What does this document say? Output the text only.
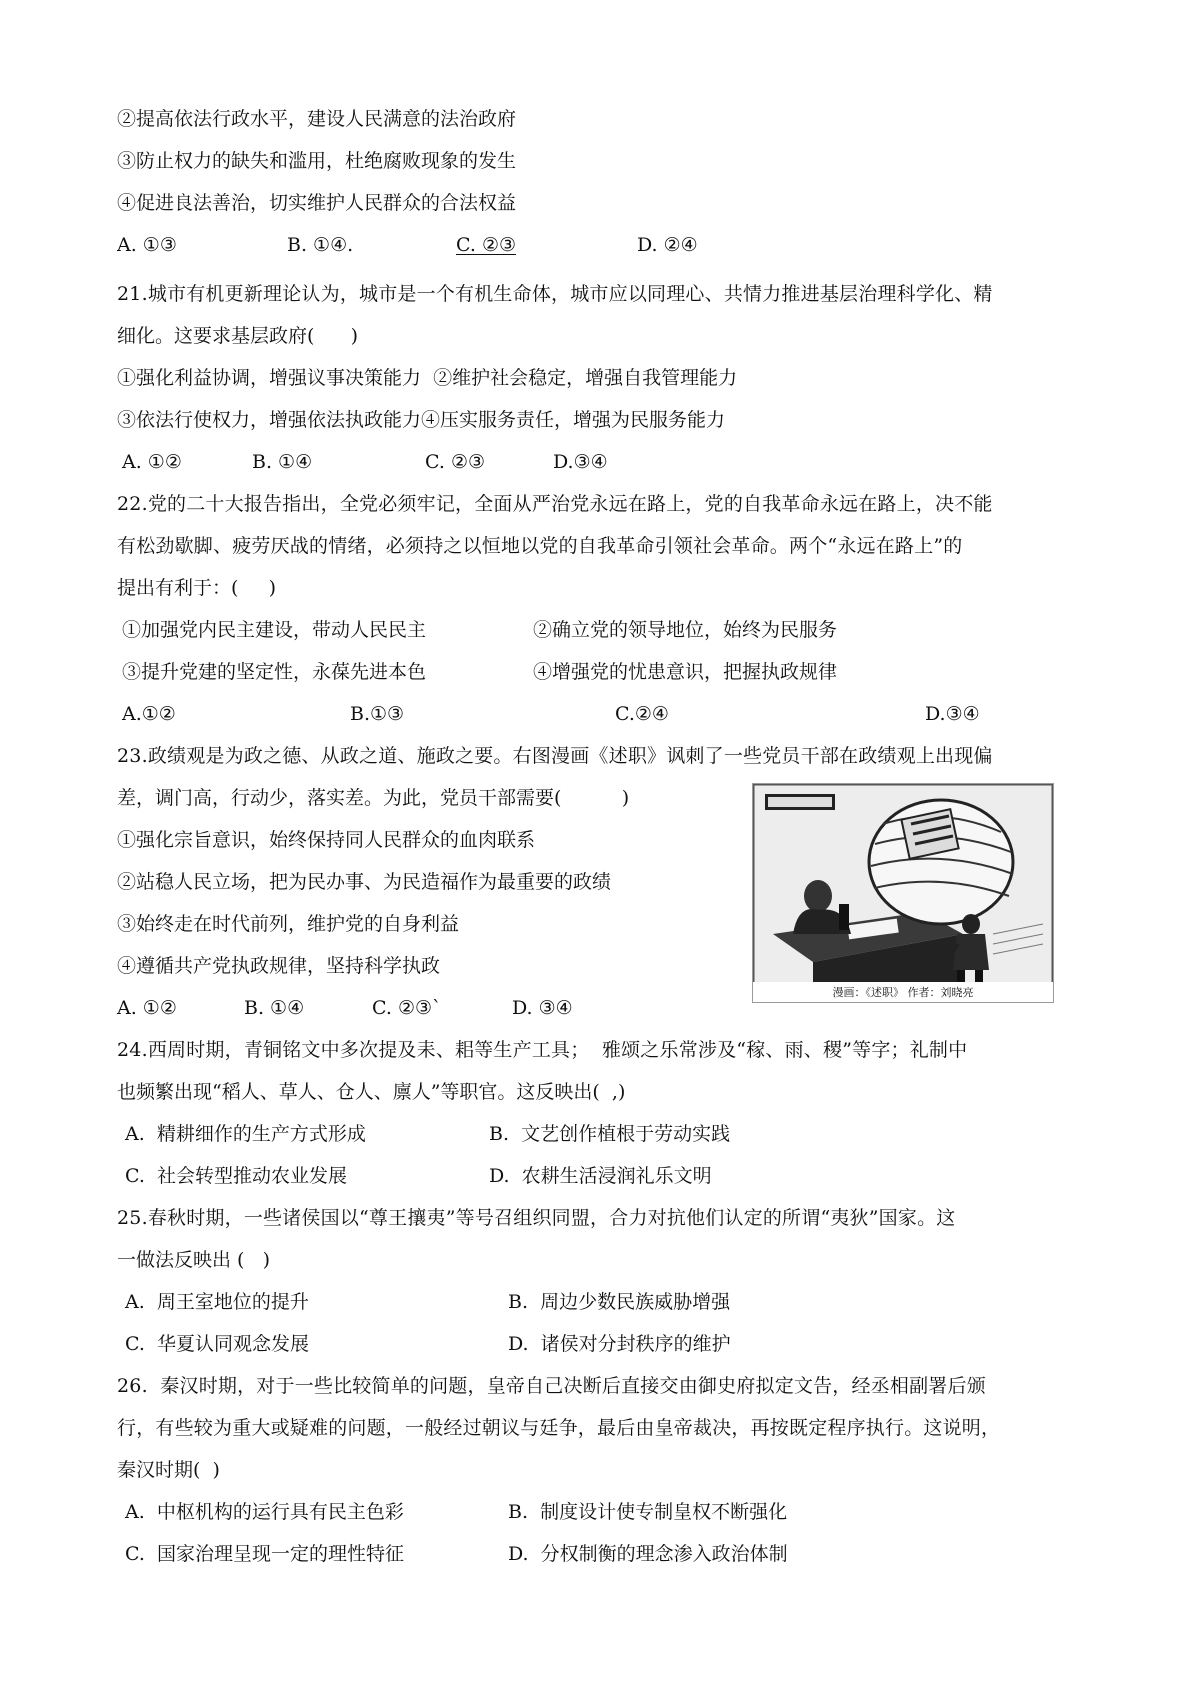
②提高依法行政水平，建设人民满意的法治政府
③防止权力的缺失和滥用，杜绝腐败现象的发生
④促进良法善治，切实维护人民群众的合法权益
A. ①③	B. ①④.	C. ②③	D. ②④
21.城市有机更新理论认为，城市是一个有机生命体，城市应以同理心、共情力推进基层治理科学化、精
细化。这要求基层政府(      )
①强化利益协调，增强议事决策能力  ②维护社会稳定，增强自我管理能力
③依法行使权力，增强依法执政能力④压实服务责任，增强为民服务能力
A. ①②	B. ①④	C. ②③	D.③④
22.党的二十大报告指出，全党必须牢记，全面从严治党永远在路上，党的自我革命永远在路上，决不能
有松劲歇脚、疲劳厌战的情绪，必须持之以恒地以党的自我革命引领社会革命。两个“永远在路上”的
提出有利于：(     )
①加强党内民主建设，带动人民民主	②确立党的领导地位，始终为民服务
③提升党建的坚定性，永葆先进本色	④增强党的忧患意识，把握执政规律
A.①②	B.①③	C.②④	D.③④
23.政绩观是为政之德、从政之道、施政之要。右图漫画《述职》讽刺了一些党员干部在政绩观上出现偏
差，调门高，行动少，落实差。为此，党员干部需要(          )
①强化宗旨意识，始终保持同人民群众的血肉联系
②站稳人民立场，把为民办事、为民造福作为最重要的政绩
③始终走在时代前列，维护党的自身利益
④遵循共产党执政规律，坚持科学执政
A. ①②	B. ①④	C. ②③`	D. ③④
漫画：《述职》 作者：刘晓亮
24.西周时期，青铜铭文中多次提及耒、耜等生产工具；  雅颂之乐常涉及“稼、雨、稷”等字；礼制中
也频繁出现“稻人、草人、仓人、廪人”等职官。这反映出(  ,)
A.  精耕细作的生产方式形成	B.  文艺创作植根于劳动实践
C.  社会转型推动农业发展	D.  农耕生活浸润礼乐文明
25.春秋时期，一些诸侯国以“尊王攘夷”等号召组织同盟，合力对抗他们认定的所谓“夷狄”国家。这
一做法反映出 (   )
A.  周王室地位的提升	B.  周边少数民族威胁增强
C.  华夏认同观念发展	D.  诸侯对分封秩序的维护
26.  秦汉时期，对于一些比较简单的问题，皇帝自己决断后直接交由御史府拟定文告，经丞相副署后颁
行，有些较为重大或疑难的问题，一般经过朝议与廷争，最后由皇帝裁决，再按既定程序执行。这说明，
秦汉时期(  )
A.  中枢机构的运行具有民主色彩	B.  制度设计使专制皇权不断强化
C.  国家治理呈现一定的理性特征	D.  分权制衡的理念渗入政治体制
